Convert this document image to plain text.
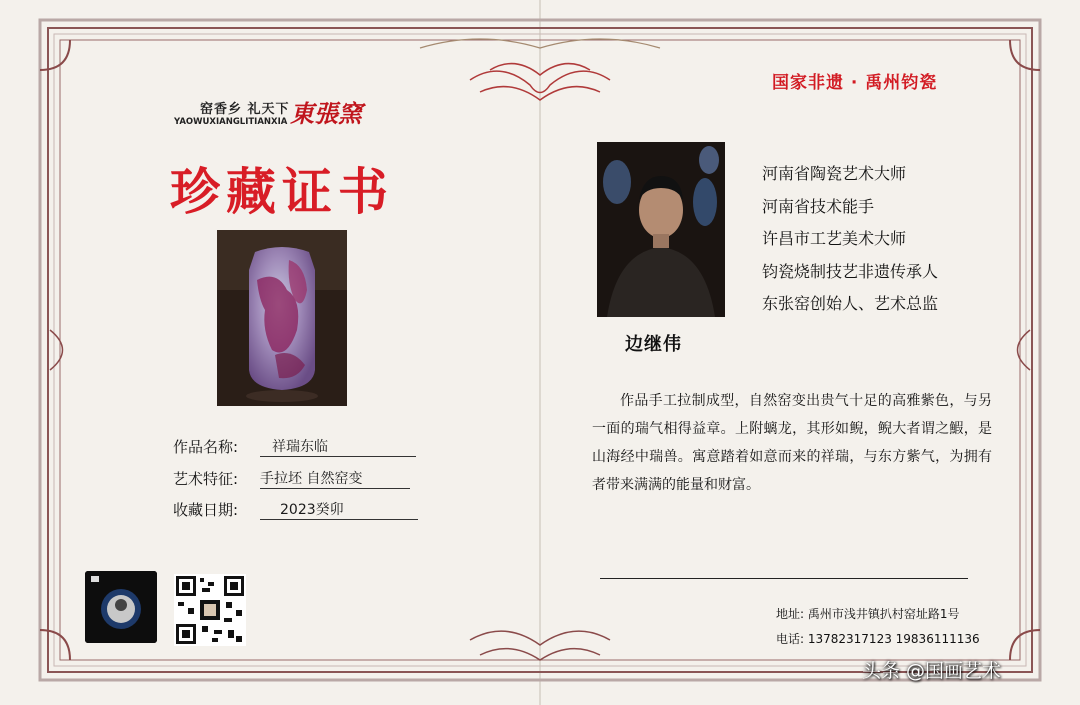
窑香乡 礼天下
YAOWUXIANGLITIANXIA 東張窯
珍藏证书
作品名称:	祥瑞东临
艺术特征: 手拉坯 自然窑变
收藏日期:	2023癸卯
国家非遗 · 禹州钧瓷
河南省陶瓷艺术大师
河南省技术能手
许昌市工艺美术大师
钧瓷烧制技艺非遗传承人
东张窑创始人、艺术总监
边继伟
作品手工拉制成型，自然窑变出贵气十足的高雅紫色，与另一面的瑞气相得益章。上附螭龙，其形如鲵，鲵大者谓之鰕，是山海经中瑞兽。寓意踏着如意而来的祥瑞，与东方紫气，为拥有者带来满满的能量和财富。
地址: 禹州市浅井镇扒村窑址路1号
电话: 13782317123 19836111136
头条 @国画艺术
